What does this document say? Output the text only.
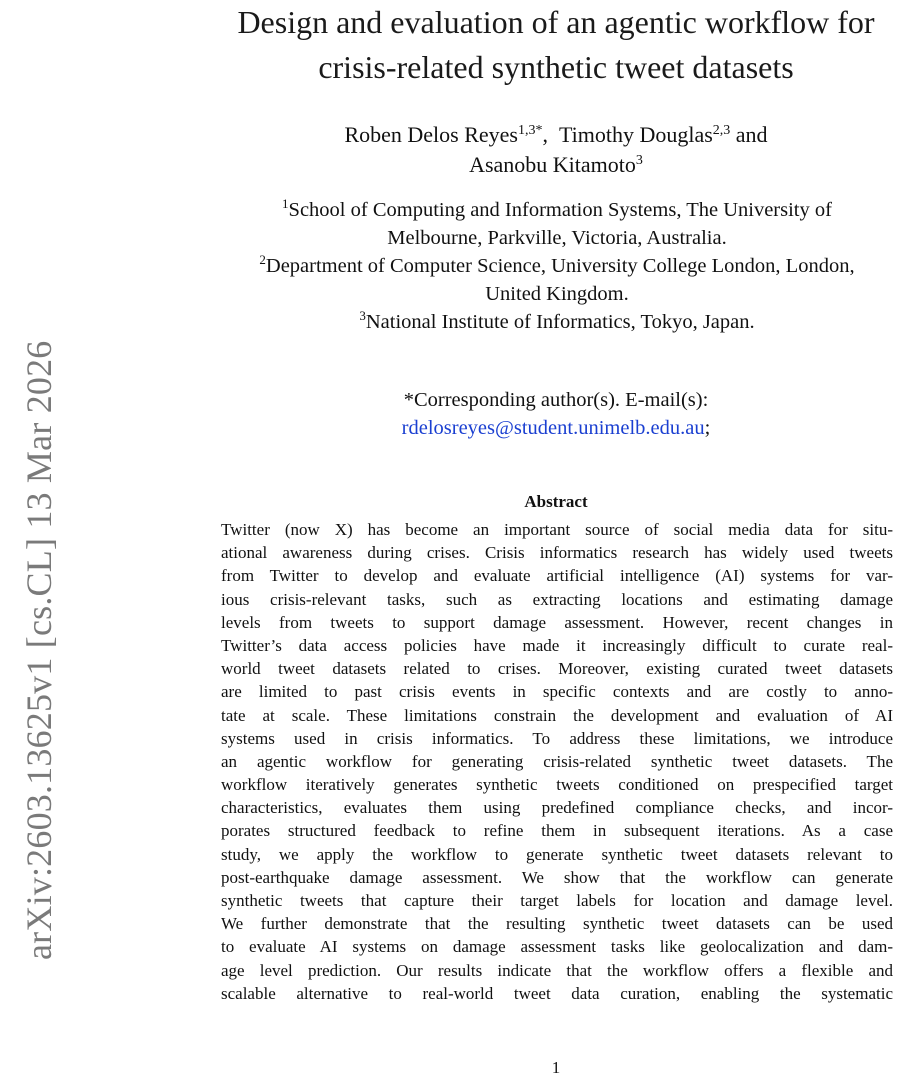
arXiv:2603.13625v1 [cs.CL] 13 Mar 2026
Design and evaluation of an agentic workflow for
crisis-related synthetic tweet datasets
Roben Delos Reyes$^{1,3*}$,  Timothy Douglas$^{2,3}$ and
Asanobu Kitamoto$^3$
$^1$School of Computing and Information Systems, The University of
Melbourne, Parkville, Victoria, Australia.
$^2$Department of Computer Science, University College London, London,
United Kingdom.
$^3$National Institute of Informatics, Tokyo, Japan.
*Corresponding author(s). E-mail(s):
rdelosreyes@student.unimelb.edu.au;
Abstract
Twitter (now X) has become an important source of social media data for situ-
ational awareness during crises. Crisis informatics research has widely used tweets
from Twitter to develop and evaluate artificial intelligence (AI) systems for var-
ious crisis-relevant tasks, such as extracting locations and estimating damage
levels from tweets to support damage assessment. However, recent changes in
Twitter’s data access policies have made it increasingly difficult to curate real-
world tweet datasets related to crises. Moreover, existing curated tweet datasets
are limited to past crisis events in specific contexts and are costly to anno-
tate at scale. These limitations constrain the development and evaluation of AI
systems used in crisis informatics. To address these limitations, we introduce
an agentic workflow for generating crisis-related synthetic tweet datasets. The
workflow iteratively generates synthetic tweets conditioned on prespecified target
characteristics, evaluates them using predefined compliance checks, and incor-
porates structured feedback to refine them in subsequent iterations. As a case
study, we apply the workflow to generate synthetic tweet datasets relevant to
post-earthquake damage assessment. We show that the workflow can generate
synthetic tweets that capture their target labels for location and damage level.
We further demonstrate that the resulting synthetic tweet datasets can be used
to evaluate AI systems on damage assessment tasks like geolocalization and dam-
age level prediction. Our results indicate that the workflow offers a flexible and
scalable alternative to real-world tweet data curation, enabling the systematic
1
